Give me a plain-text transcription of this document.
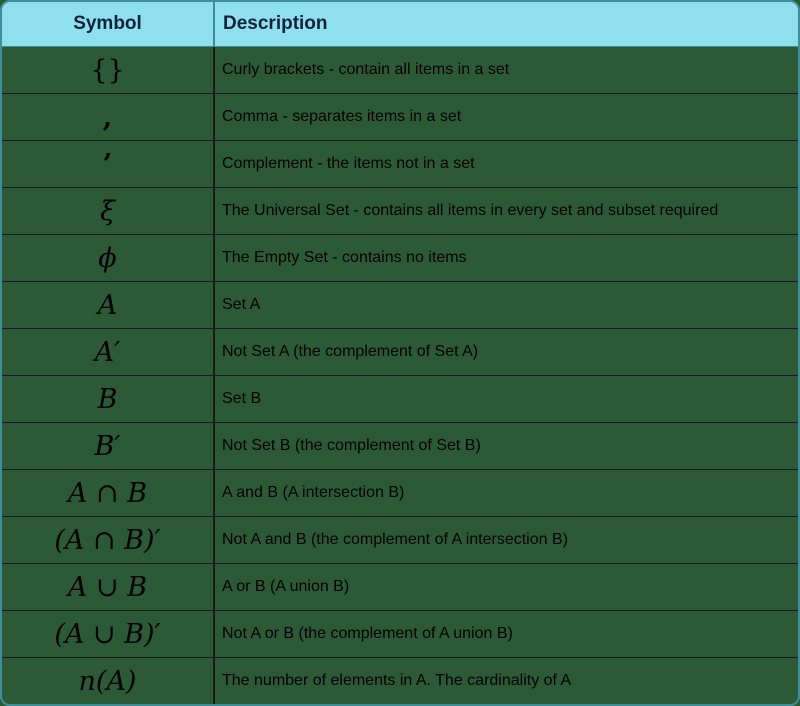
Symbol	Description
{}	Curly brackets - contain all items in a set
,	Comma - separates items in a set
’	Complement - the items not in a set
ξ	The Universal Set - contains all items in every set and subset required
ϕ	The Empty Set - contains no items
A	Set A
A′	Not Set A (the complement of Set A)
B	Set B
B′	Not Set B (the complement of Set B)
A ∩ B	A and B (A intersection B)
(A ∩ B)′	Not A and B (the complement of A intersection B)
A ∪ B	A or B (A union B)
(A ∪ B)′	Not A or B (the complement of A union B)
n(A)	The number of elements in A. The cardinality of A
